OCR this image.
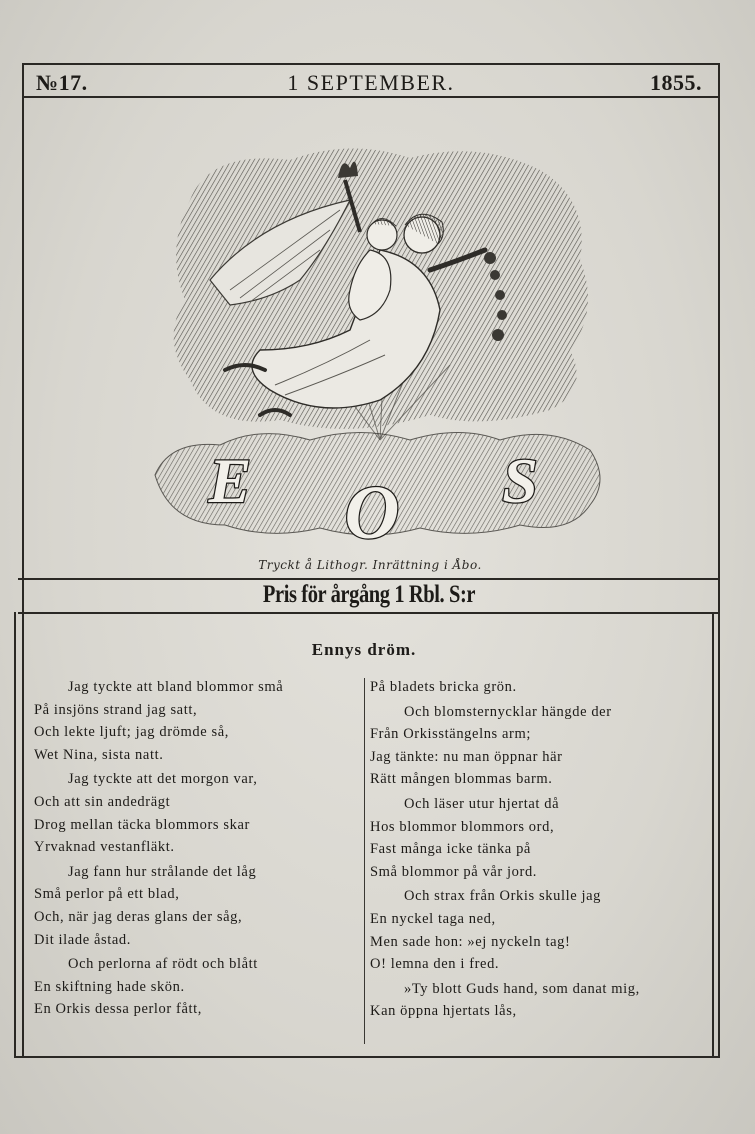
№17.	1 SEPTEMBER.	1855.
E O S
Tryckt å Lithogr. Inrättning i Åbo.
Pris för årgång 1 Rbl. S:r
Ennys dröm.
Jag tyckte att bland blommor små
På insjöns strand jag satt,
Och lekte ljuft; jag drömde så,
Wet Nina, sista natt.
Jag tyckte att det morgon var,
Och att sin andedrägt
Drog mellan täcka blommors skar
Yrvaknad vestanfläkt.
Jag fann hur strålande det låg
Små perlor på ett blad,
Och, när jag deras glans der såg,
Dit ilade åstad.
Och perlorna af rödt och blått
En skiftning hade skön.
En Orkis dessa perlor fått,
På bladets bricka grön.
Och blomsternycklar hängde der
Från Orkisstängelns arm;
Jag tänkte: nu man öppnar här
Rätt mången blommas barm.
Och läser utur hjertat då
Hos blommor blommors ord,
Fast många icke tänka på
Små blommor på vår jord.
Och strax från Orkis skulle jag
En nyckel taga ned,
Men sade hon: »ej nyckeln tag!
O! lemna den i fred.
»Ty blott Guds hand, som danat mig,
Kan öppna hjertats lås,
